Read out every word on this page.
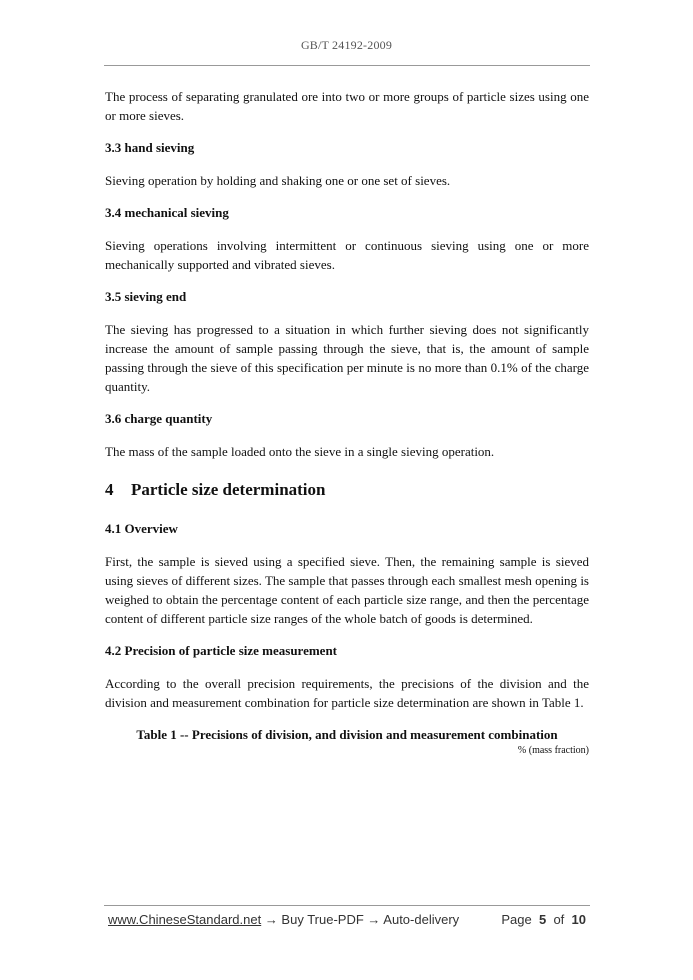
GB/T 24192-2009

The process of separating granulated ore into two or more groups of particle sizes using one or more sieves.

3.3 hand sieving

Sieving operation by holding and shaking one or one set of sieves.

3.4 mechanical sieving

Sieving operations involving intermittent or continuous sieving using one or more mechanically supported and vibrated sieves.

3.5 sieving end

The sieving has progressed to a situation in which further sieving does not significantly increase the amount of sample passing through the sieve, that is, the amount of sample passing through the sieve of this specification per minute is no more than 0.1% of the charge quantity.

3.6 charge quantity

The mass of the sample loaded onto the sieve in a single sieving operation.

4 Particle size determination

4.1 Overview

First, the sample is sieved using a specified sieve. Then, the remaining sample is sieved using sieves of different sizes. The sample that passes through each smallest mesh opening is weighed to obtain the percentage content of each particle size range, and then the percentage content of different particle size ranges of the whole batch of goods is determined.

4.2 Precision of particle size measurement

According to the overall precision requirements, the precisions of the division and the division and measurement combination for particle size determination are shown in Table 1.

Table 1 -- Precisions of division, and division and measurement combination

% (mass fraction)

www.ChineseStandard.net → Buy True-PDF → Auto-delivery	Page 5 of 10
